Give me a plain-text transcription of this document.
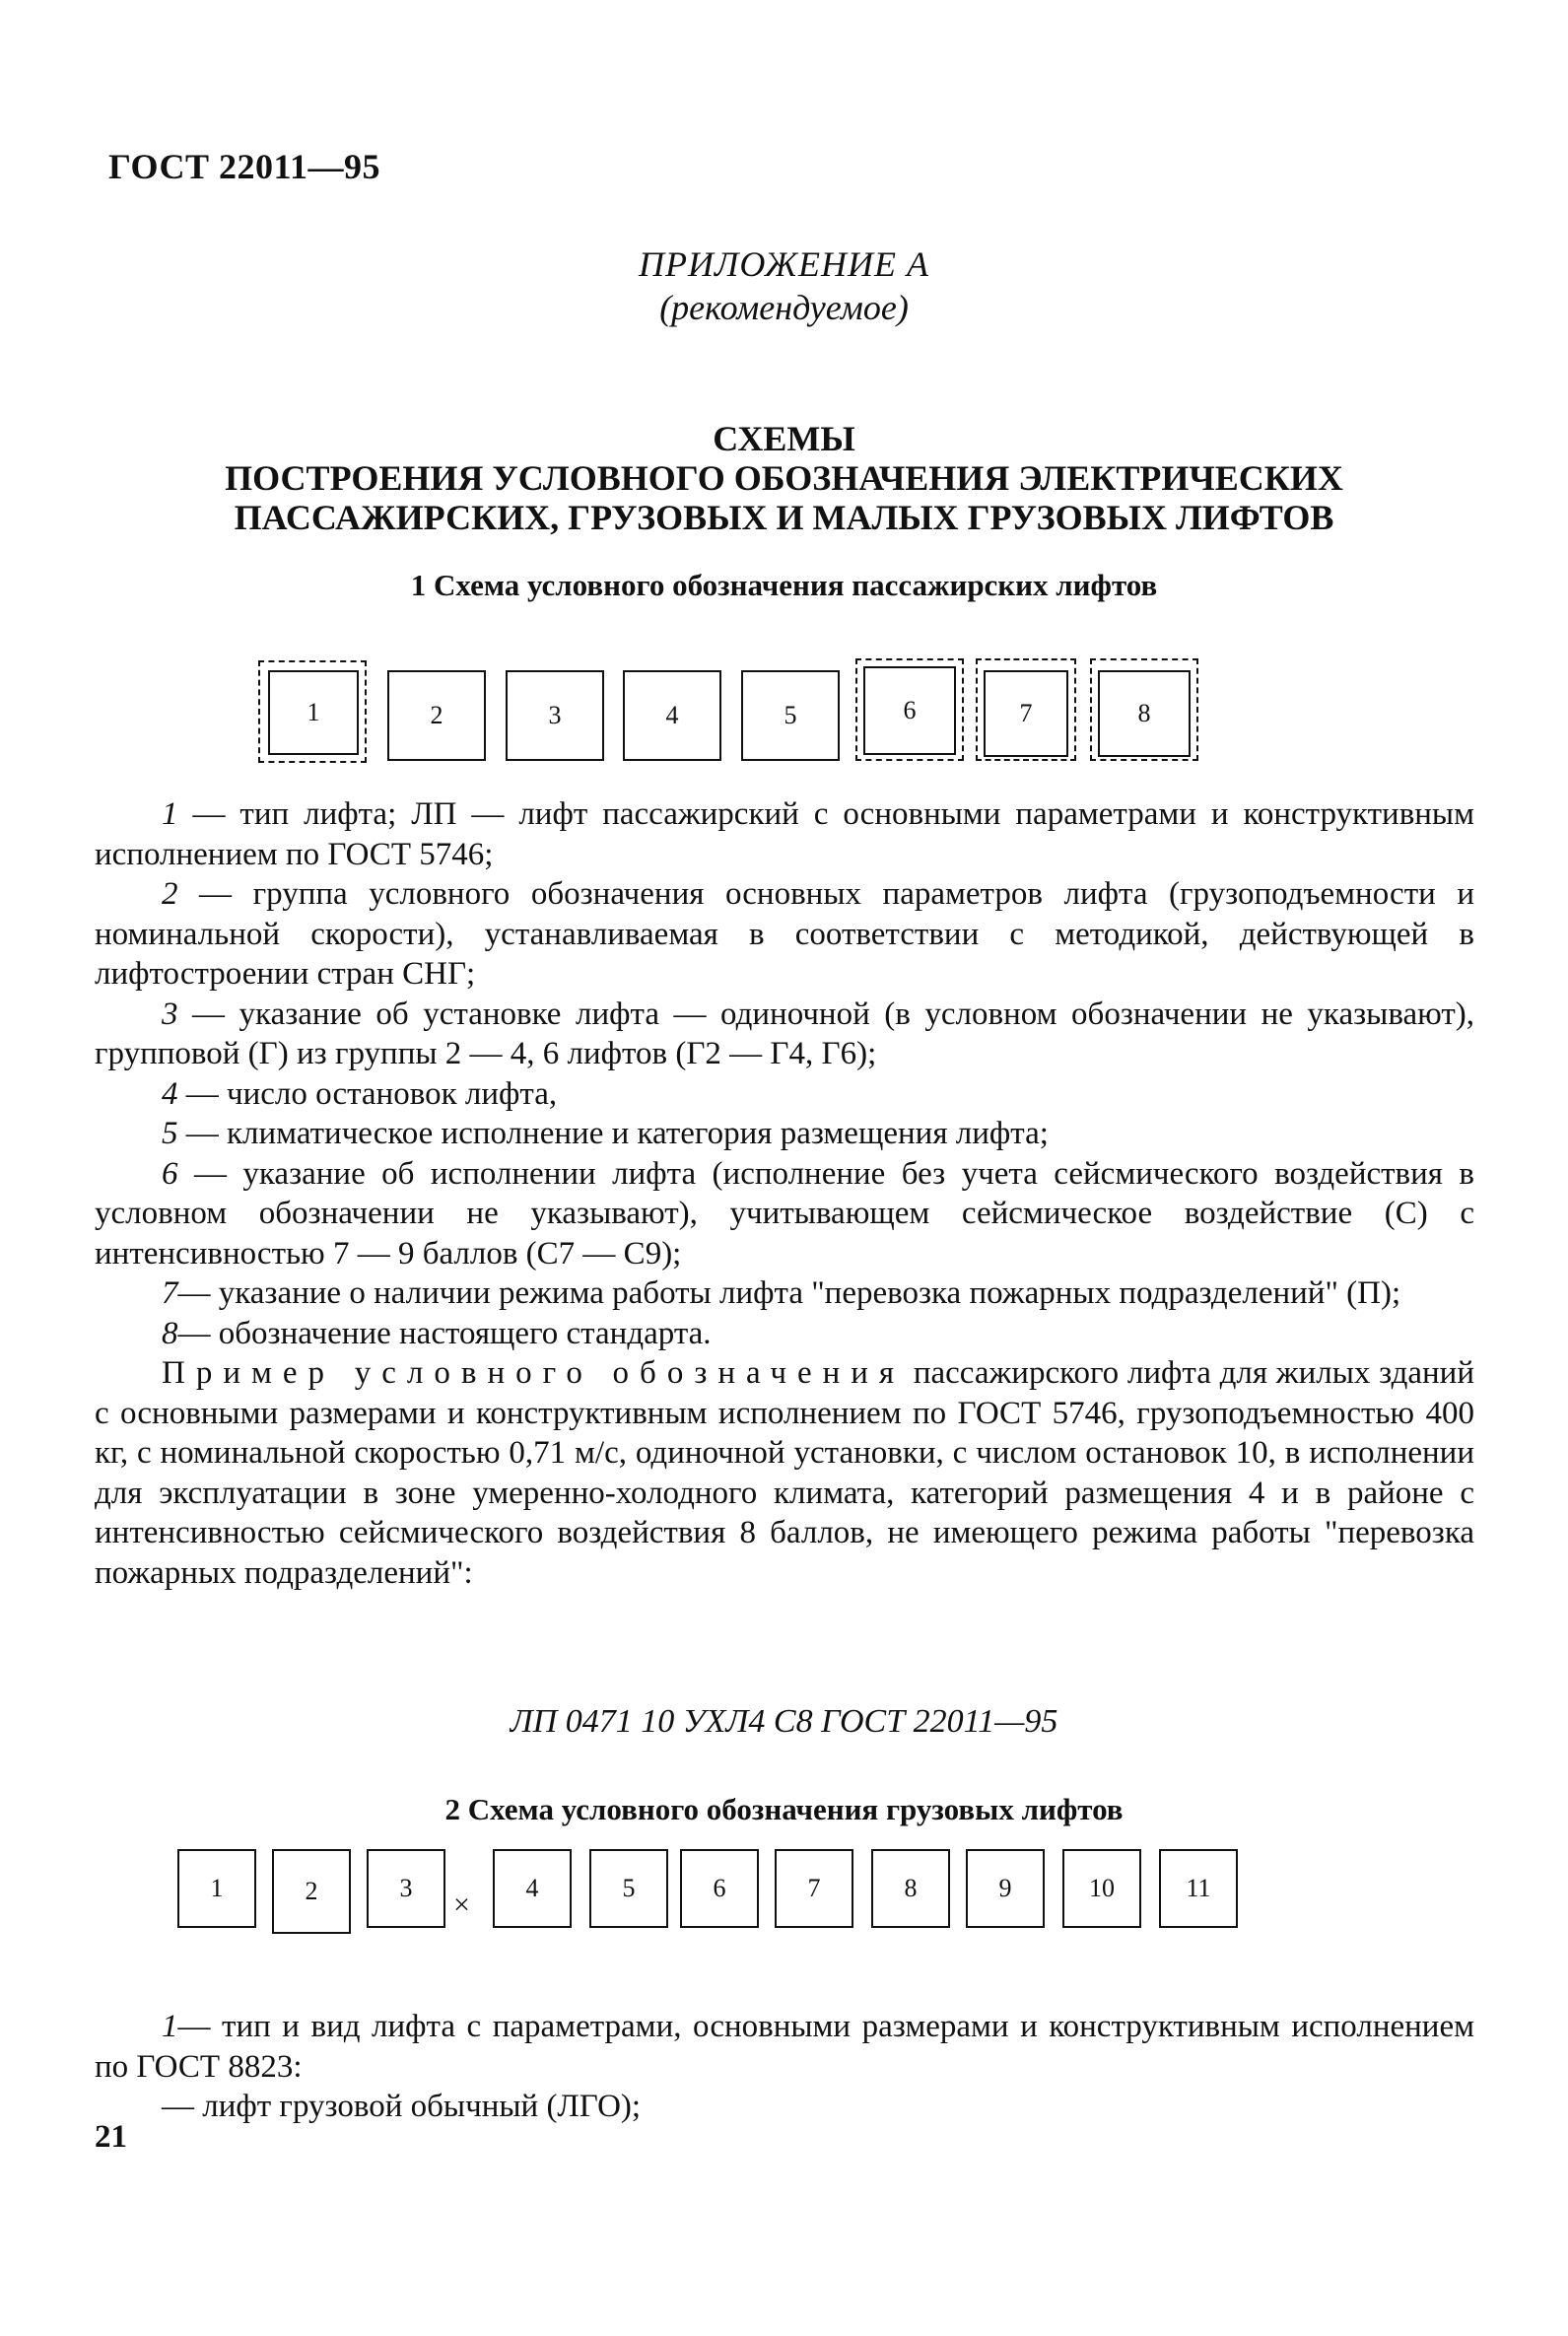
ГОСТ 22011—95
ПРИЛОЖЕНИЕ А
(рекомендуемое)
СХЕМЫ
ПОСТРОЕНИЯ УСЛОВНОГО ОБОЗНАЧЕНИЯ ЭЛЕКТРИЧЕСКИХ
ПАССАЖИРСКИХ, ГРУЗОВЫХ И МАЛЫХ ГРУЗОВЫХ ЛИФТОВ
1 Схема условного обозначения пассажирских лифтов
1	2	3	4	5	6	7	8

1 — тип лифта; ЛП — лифт пассажирский с основными параметрами и конструктивным исполнением по ГОСТ 5746;

2 — группа условного обозначения основных параметров лифта (грузоподъемности и номинальной скорости), устанавливаемая в соответствии с методикой, действующей в лифтостроении стран СНГ;

3 — указание об установке лифта — одиночной (в условном обозначении не указывают), групповой (Г) из группы 2 — 4, 6 лифтов (Г2 — Г4, Г6);

4 — число остановок лифта,

5 — климатическое исполнение и категория размещения лифта;

6 — указание об исполнении лифта (исполнение без учета сейсмического воздействия в условном обозначении не указывают), учитывающем сейсмическое воздействие (С) с интенсивностью 7 — 9 баллов (С7 — С9);

7— указание о наличии режима работы лифта "перевозка пожарных подразделений" (П);

8— обозначение настоящего стандарта.

Пример условного обозначения пассажирского лифта для жилых зданий с основными размерами и конструктивным исполнением по ГОСТ 5746, грузоподъемностью 400 кг, с номинальной скоростью 0,71 м/с, одиночной установки, с числом остановок 10, в исполнении для эксплуатации в зоне умеренно-холодного климата, категорий размещения 4 и в районе с интенсивностью сейсмического воздействия 8 баллов, не имеющего режима работы "перевозка пожарных подразделений":

ЛП 0471 10 УХЛ4 С8 ГОСТ 22011—95
2 Схема условного обозначения грузовых лифтов
1	2	3
×
4	5	6	7	8	9	10	11

1— тип и вид лифта с параметрами, основными размерами и конструктивным исполнением по ГОСТ 8823:

— лифт грузовой обычный (ЛГО);

21
